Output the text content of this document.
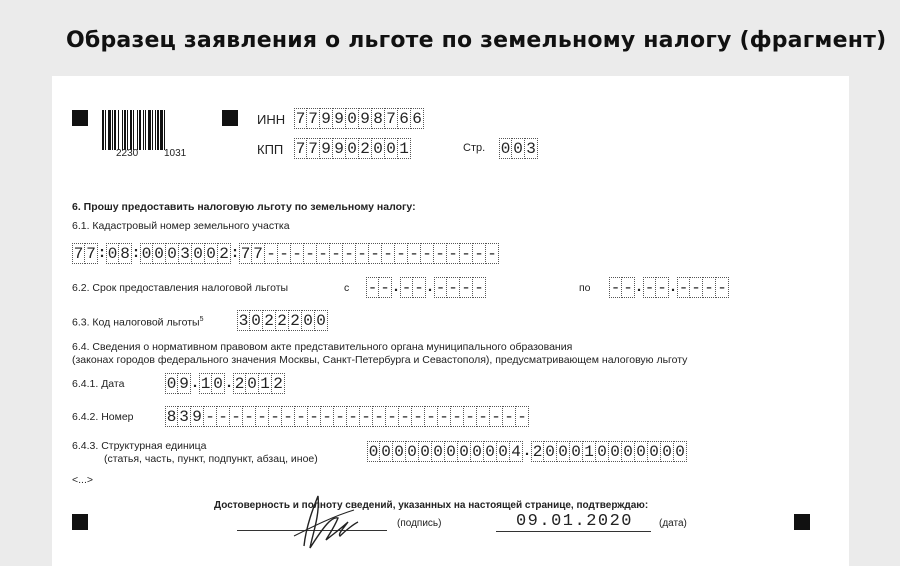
Образец заявления о льготе по земельному налогу (фрагмент)
2230	1031
ИНН 7 7 9 9 0 9 8 7 6 6
КПП 7 7 9 9 0 2 0 0 1	Стр. 0 0 3
6. Прошу предоставить налоговую льготу по земельному налогу:
6.1. Кадастровый номер земельного участка
7 7 : 0 8 : 0 0 0 3 0 0 2 : 7 7 - - - - - - - - - - - - - - - - - -
6.2. Срок предоставления налоговой льготы	с - - . - - . - - - -	по - - . - - . - - - -
6.3. Код налоговой льготы$^5$ 3 0 2 2 2 0 0
6.4. Сведения о нормативном правовом акте представительного органа муниципального образования
(законах городов федерального значения Москвы, Санкт-Петербурга и Севастополя), предусматривающем налоговую льготу
6.4.1. Дата	0 9 . 1 0 . 2 0 1 2
6.4.2. Номер 8 3 9 - - - - - - - - - - - - - - - - - - - - - - - - -
6.4.3. Структурная единица
(статья, часть, пункт, подпункт, абзац, иное)	0 0 0 0 0 0 0 0 0 0 0 4 . 2 0 0 0 1 0 0 0 0 0 0 0
<...>
Достоверность и полноту сведений, указанных на настоящей странице, подтверждаю:
(подпись)	09.01.2020	(дата)
